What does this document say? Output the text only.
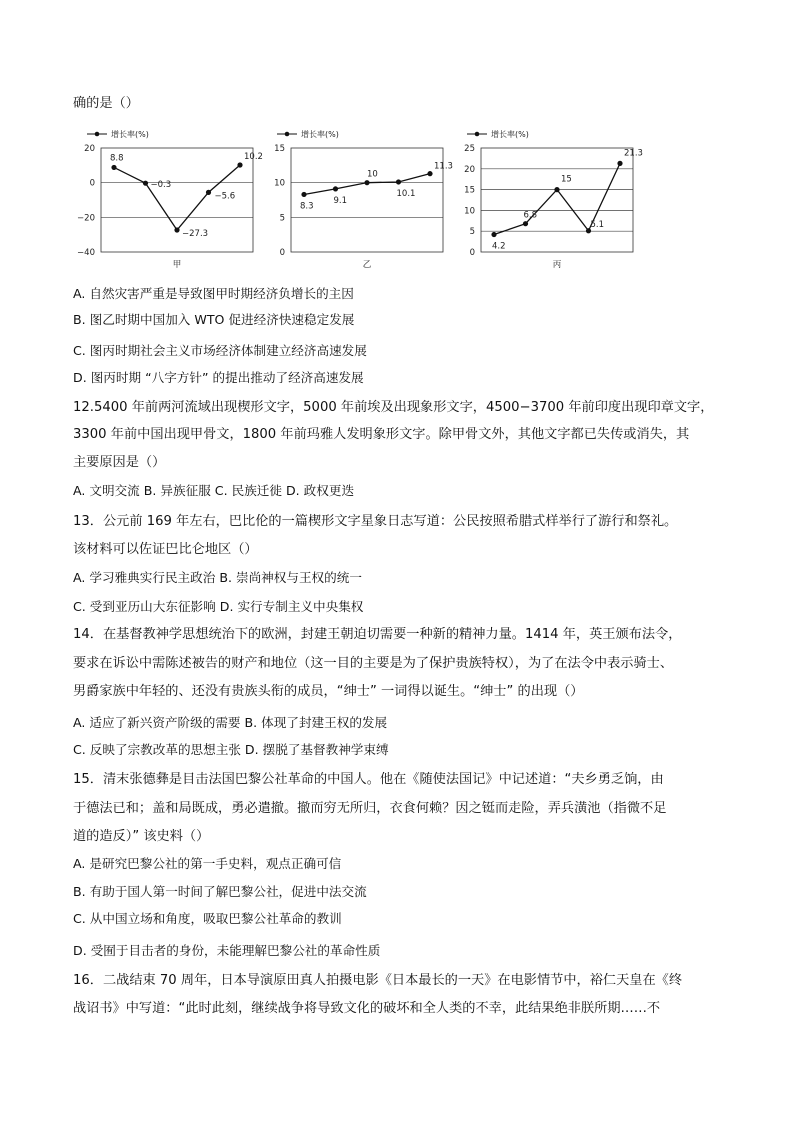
确的是（）
增长率(%)
20
0
−20
−40
8.8
−0.3
−27.3
−5.6
10.2
甲
增长率(%)
15
10
5
0
8.3
9.1
10
10.1
11.3
乙
增长率(%)
25
20
15
10
5
0
4.2
6.8
15
5.1
21.3
丙
A. 自然灾害严重是导致图甲时期经济负增长的主因
B. 图乙时期中国加入 WTO 促进经济快速稳定发展
C. 图丙时期社会主义市场经济体制建立经济高速发展
D. 图丙时期 “八字方针” 的提出推动了经济高速发展
12.5400 年前两河流域出现楔形文字，5000 年前埃及出现象形文字，4500−3700 年前印度出现印章文字，
3300 年前中国出现甲骨文，1800 年前玛雅人发明象形文字。除甲骨文外，其他文字都已失传或消失，其
主要原因是（）
A. 文明交流 B. 异族征服 C. 民族迁徙 D. 政权更迭
13．公元前 169 年左右，巴比伦的一篇楔形文字星象日志写道：公民按照希腊式样举行了游行和祭礼。
该材料可以佐证巴比仑地区（）
A. 学习雅典实行民主政治 B. 崇尚神权与王权的统一
C. 受到亚历山大东征影响 D. 实行专制主义中央集权
14．在基督教神学思想统治下的欧洲，封建王朝迫切需要一种新的精神力量。1414 年，英王颁布法令，
要求在诉讼中需陈述被告的财产和地位（这一目的主要是为了保护贵族特权），为了在法令中表示骑士、
男爵家族中年轻的、还没有贵族头衔的成员，“绅士” 一词得以诞生。“绅士” 的出现（）
A. 适应了新兴资产阶级的需要 B. 体现了封建王权的发展
C. 反映了宗教改革的思想主张 D. 摆脱了基督教神学束缚
15．清末张德彝是目击法国巴黎公社革命的中国人。他在《随使法国记》中记述道：“夫乡勇乏饷，由
于德法已和；盖和局既成，勇必遣撤。撤而穷无所归，衣食何赖？因之铤而走险，弄兵潢池（指微不足
道的造反）” 该史料（）
A. 是研究巴黎公社的第一手史料，观点正确可信
B. 有助于国人第一时间了解巴黎公社，促进中法交流
C. 从中国立场和角度，吸取巴黎公社革命的教训
D. 受囿于目击者的身份，未能理解巴黎公社的革命性质
16．二战结束 70 周年，日本导演原田真人拍摄电影《日本最长的一天》在电影情节中，裕仁天皇在《终
战诏书》中写道：“此时此刻，继续战争将导致文化的破坏和全人类的不幸，此结果绝非朕所期……不
